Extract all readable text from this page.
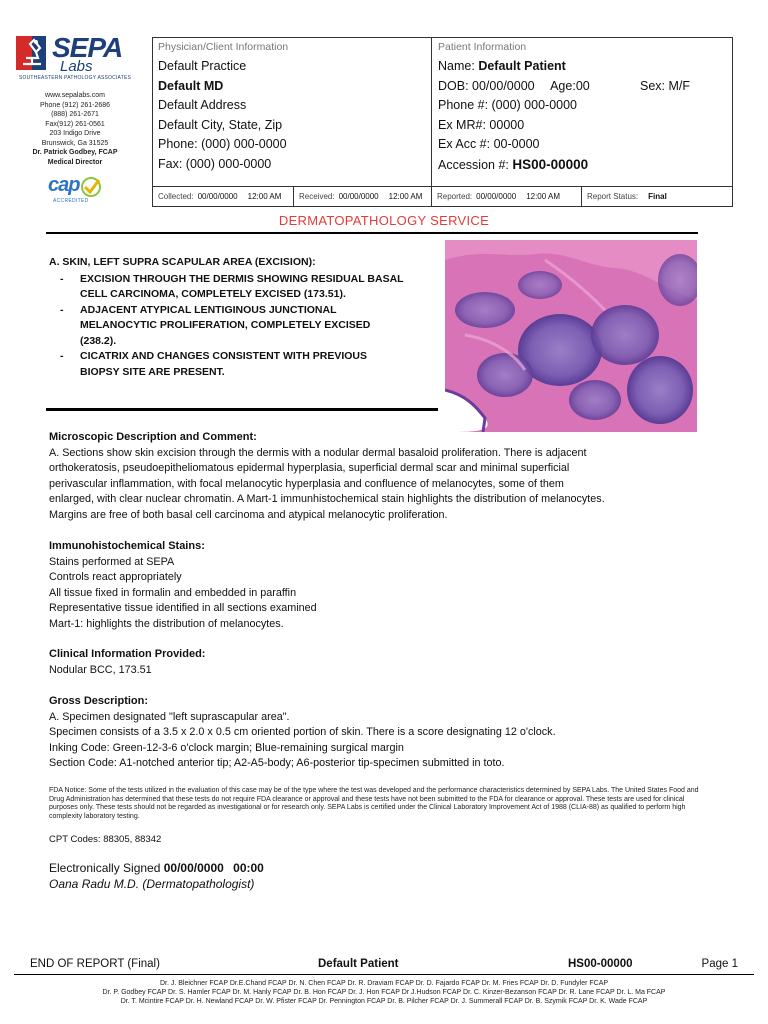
SEPA
Labs
SOUTHEASTERN PATHOLOGY ASSOCIATES
www.sepalabs.com
Phone (912) 261-2686
(888) 261-2671
Fax(912) 261-0561
203 Indigo Drive
Brunswick, Ga 31525
Dr. Patrick Godbey, FCAP
Medical Director
cap
ACCREDITED
Physician/Client Information
Default Practice
Default MD
Default Address
Default City, State, Zip
Phone: (000) 000-0000
Fax: (000) 000-0000
Patient Information
Name: Default Patient
DOB: 00/00/0000 Age:00	Sex: M/F
Phone #: (000) 000-0000
Ex MR#: 00000
Ex Acc #: 00-0000
Accession #: HS00-00000
Collected: 00/00/0000 12:00 AM	Received: 00/00/0000 12:00 AM	Reported: 00/00/0000 12:00 AM	Report Status: Final
DERMATOPATHOLOGY SERVICE
A. SKIN, LEFT SUPRA SCAPULAR AREA (EXCISION):
- EXCISION THROUGH THE DERMIS SHOWING RESIDUAL BASAL CELL CARCINOMA, COMPLETELY EXCISED (173.51).
- ADJACENT ATYPICAL LENTIGINOUS JUNCTIONAL MELANOCYTIC PROLIFERATION, COMPLETELY EXCISED (238.2).
- CICATRIX AND CHANGES CONSISTENT WITH PREVIOUS BIOPSY SITE ARE PRESENT.
Microscopic Description and Comment:
A. Sections show skin excision through the dermis with a nodular dermal basaloid proliferation. There is adjacent
orthokeratosis, pseudoepitheliomatous epidermal hyperplasia, superficial dermal scar and minimal superficial
perivascular inflammation, with focal melanocytic hyperplasia and confluence of melanocytes, some of them
enlarged, with clear nuclear chromatin. A Mart-1 immunhistochemical stain highlights the distribution of melanocytes.
Margins are free of both basal cell carcinoma and atypical melanocytic proliferation.
Immunohistochemical Stains:
Stains performed at SEPA
Controls react appropriately
All tissue fixed in formalin and embedded in paraffin
Representative tissue identified in all sections examined
Mart-1: highlights the distribution of melanocytes.
Clinical Information Provided:
Nodular BCC, 173.51
Gross Description:
A. Specimen designated "left suprascapular area".
Specimen consists of a 3.5 x 2.0 x 0.5 cm oriented portion of skin. There is a score designating 12 o'clock.
Inking Code: Green-12-3-6 o'clock margin; Blue-remaining surgical margin
Section Code: A1-notched anterior tip; A2-A5-body; A6-posterior tip-specimen submitted in toto.
FDA Notice: Some of the tests utilized in the evaluation of this case may be of the type where the test was developed and the performance characteristics determined by SEPA Labs. The United States Food and Drug Administration has determined that these tests do not require FDA clearance or approval and these tests have not been submitted to the FDA for clearance or approval. These tests are used for clinical purposes only. These tests should not be regarded as investigational or for research only. SEPA Labs is certified under the Clinical Laboratory Improvement Act of 1988 (CLIA-88) as qualified to perform high complexity laboratory testing.
CPT Codes: 88305, 88342
Electronically Signed 00/00/0000 00:00
Oana Radu M.D. (Dermatopathologist)
END OF REPORT (Final)	Default Patient	HS00-00000	Page 1
Dr. J. Bleichner FCAP Dr.E.Chand FCAP Dr. N. Chen FCAP Dr. R. Draviam FCAP Dr. D. Fajardo FCAP Dr. M. Fries FCAP Dr. D. Fundyler FCAP
Dr. P. Godbey FCAP Dr. S. Hamler FCAP Dr. M. Hanly FCAP Dr. B. Hon FCAP Dr. J. Hon FCAP Dr J.Hudson FCAP Dr. C. Kinzer-Bezanson FCAP Dr. R. Lane FCAP Dr. L. Ma FCAP
Dr. T. Mcintire FCAP Dr. H. Newland FCAP Dr. W. Pfister FCAP Dr. Pennington FCAP Dr. B. Pilcher FCAP Dr. J. Summerall FCAP Dr. B. Szymik FCAP Dr. K. Wade FCAP
